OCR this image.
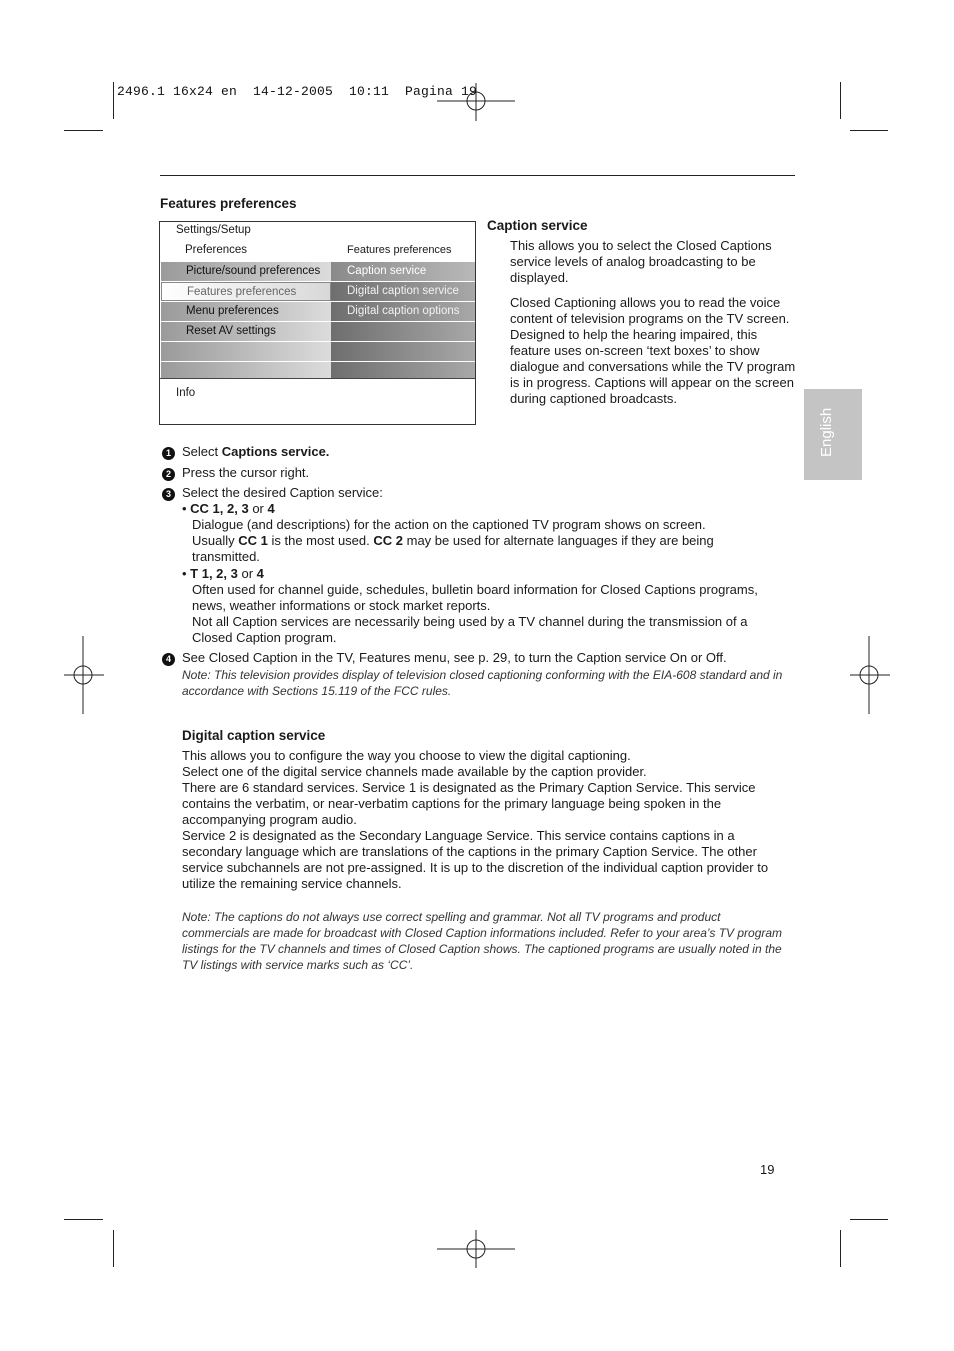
2496.1 16x24 en  14-12-2005  10:11  Pagina 19
Features preferences
Settings/Setup
Preferences	Features preferences
Picture/sound preferences
Features preferences
Menu preferences
Reset AV settings
Caption service
Digital caption service
Digital caption options
Info
Caption service

This allows you to select the Closed Captions service levels of analog broadcasting to be displayed.

Closed Captioning allows you to read the voice content of television programs on the TV screen. Designed to help the hearing impaired, this feature uses on-screen ‘text boxes’ to show dialogue and conversations while the TV program is in progress. Captions will appear on the screen during captioned broadcasts.

English
1 Select Captions service.
2 Press the cursor right.
3 Select the desired Caption service:
• CC 1, 2, 3 or 4

Dialogue (and descriptions) for the action on the captioned TV program shows on screen.

Usually CC 1 is the most used. CC 2 may be used for alternate languages if they are being transmitted.

• T 1, 2, 3 or 4

Often used for channel guide, schedules, bulletin board information for Closed Captions programs, news, weather informations or stock market reports.

Not all Caption services are necessarily being used by a TV channel during the transmission of a Closed Caption program.

4 See Closed Caption in the TV, Features menu, see p. 29, to turn the Caption service On or Off.
Note: This television provides display of television closed captioning conforming with the EIA-608 standard and in accordance with Sections 15.119 of the FCC rules.
Digital caption service

This allows you to configure the way you choose to view the digital captioning.

Select one of the digital service channels made available by the caption provider.

There are 6 standard services. Service 1 is designated as the Primary Caption Service. This service contains the verbatim, or near-verbatim captions for the primary language being spoken in the accompanying program audio.

Service 2 is designated as the Secondary Language Service. This service contains captions in a secondary language which are translations of the captions in the primary Caption Service. The other service subchannels are not pre-assigned. It is up to the discretion of the individual caption provider to utilize the remaining service channels.

Note: The captions do not always use correct spelling and grammar. Not all TV programs and product commercials are made for broadcast with Closed Caption informations included. Refer to your area’s TV program listings for the TV channels and times of Closed Caption shows. The captioned programs are usually noted in the TV listings with service marks such as ‘CC’.
19
